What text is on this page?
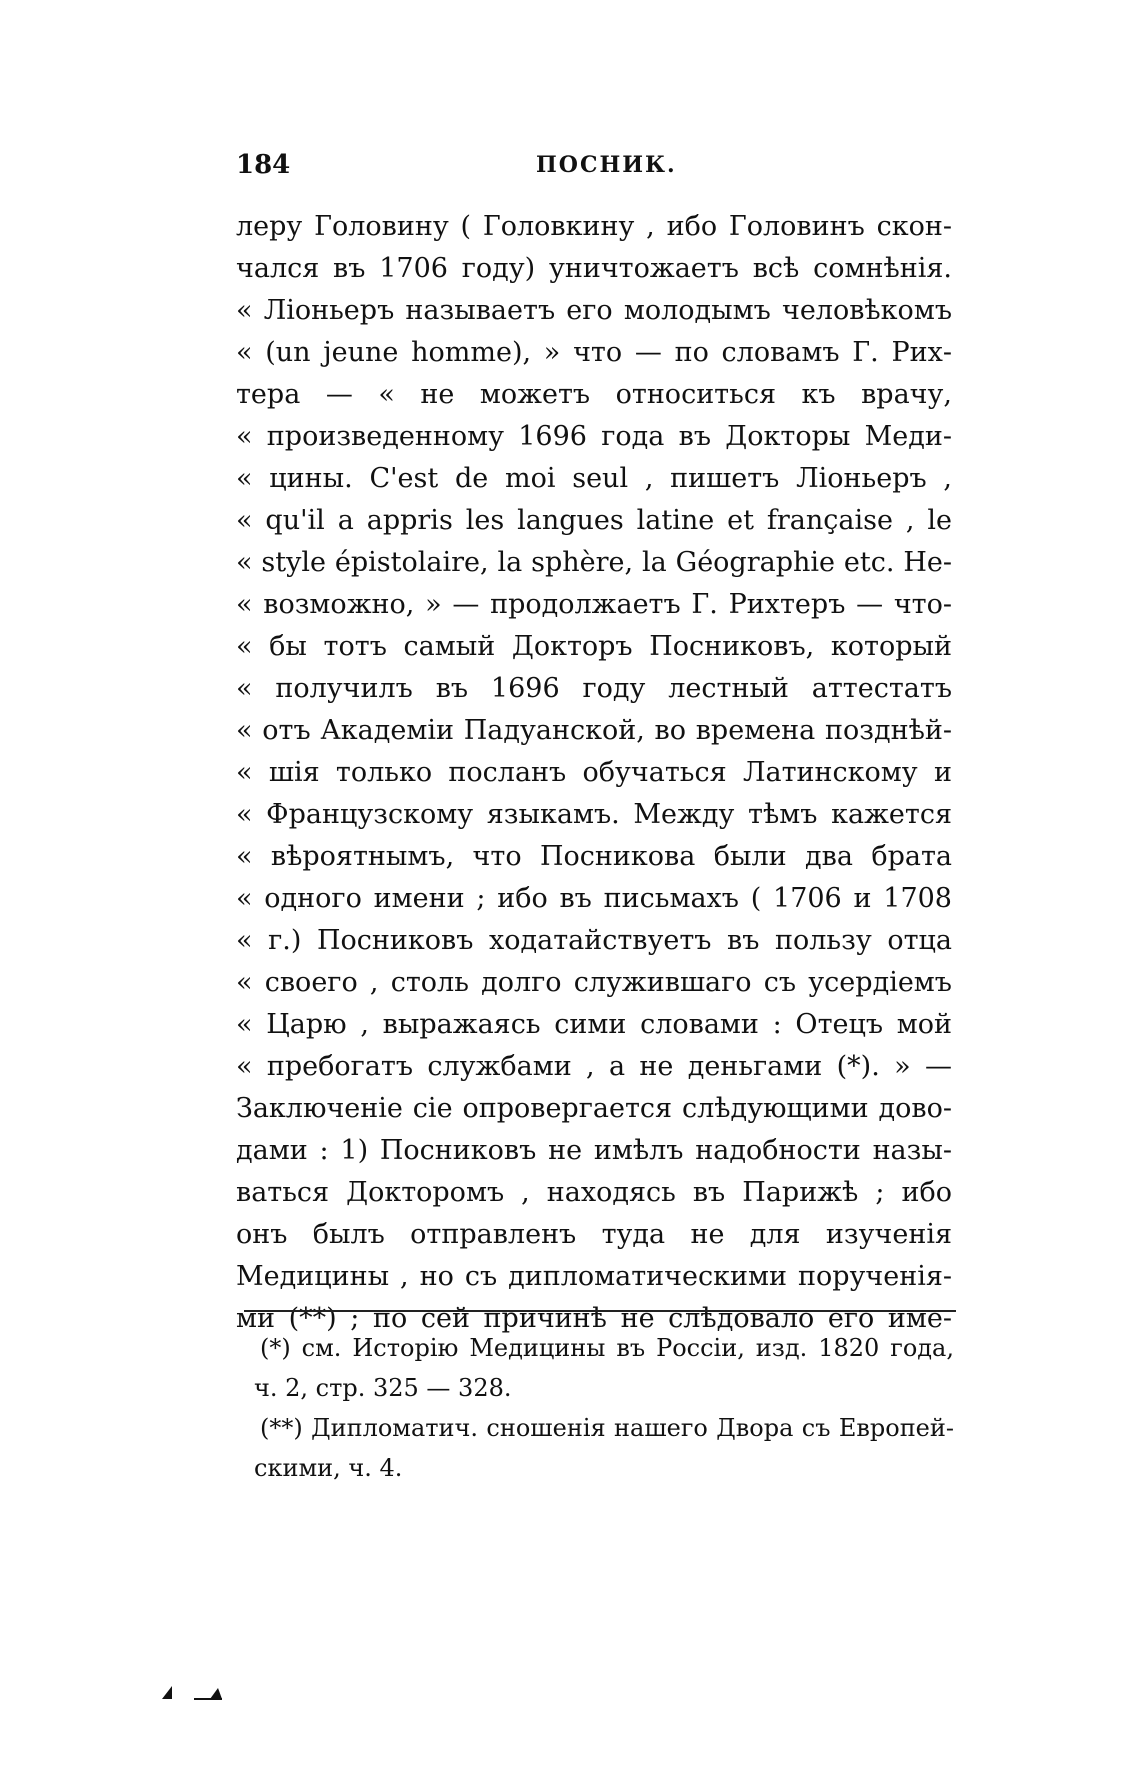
184	ПОСНИК.
леру Головину ( Головкину , ибо Головинъ скон-
чался въ 1706 году) уничтожаетъ всѣ сомнѣнія.
« Ліоньеръ называетъ его молодымъ человѣкомъ
« (un jeune homme), » что — по словамъ Г. Рих-
тера — « не можетъ относиться къ врачу,
« произведенному 1696 года въ Докторы Меди-
« цины. C'est de moi seul , пишетъ Ліоньеръ ,
« qu'il a appris les langues latine et française , le
« style épistolaire, la sphère, la Géographie etc. Не-
« возможно, » — продолжаетъ Г. Рихтеръ — что-
« бы тотъ самый Докторъ Посниковъ, который
« получилъ въ 1696 году лестный аттестатъ
« отъ Академіи Падуанской, во времена позднѣй-
« шія только посланъ обучаться Латинскому и
« Французскому языкамъ. Между тѣмъ кажется
« вѣроятнымъ, что Посникова были два брата
« одного имени ; ибо въ письмахъ ( 1706 и 1708
« г.) Посниковъ ходатайствуетъ въ пользу отца
« своего , столь долго служившаго съ усердіемъ
« Царю , выражаясь сими словами : Отецъ мой
« пребогатъ службами , а не деньгами (*). » —
Заключеніе сіе опровергается слѣдующими дово-
дами : 1) Посниковъ не имѣлъ надобности назы-
ваться Докторомъ , находясь въ Парижѣ ; ибо
онъ былъ отправленъ туда не для изученія
Медицины , но съ дипломатическими порученія-
ми (**) ; по сей причинѣ не слѣдовало его име-
(*) см. Исторію Медицины въ Россіи, изд. 1820 года,
ч. 2, стр. 325 — 328.
(**) Дипломатич. сношенія нашего Двора съ Европей-
скими, ч. 4.
